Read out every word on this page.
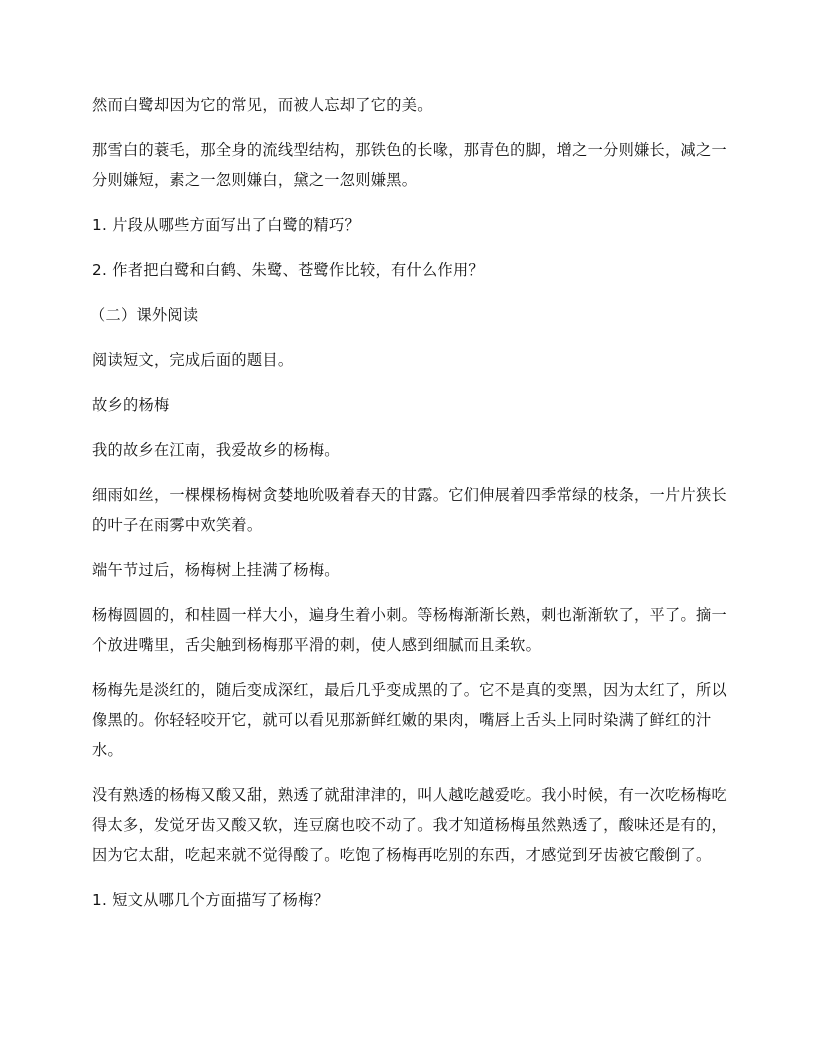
然而白鹭却因为它的常见，而被人忘却了它的美。

那雪白的蓑毛，那全身的流线型结构，那铁色的长喙，那青色的脚，增之一分则嫌长，减之一分则嫌短，素之一忽则嫌白，黛之一忽则嫌黑。

1. 片段从哪些方面写出了白鹭的精巧？

2. 作者把白鹭和白鹤、朱鹭、苍鹭作比较，有什么作用？

（二）课外阅读

阅读短文，完成后面的题目。

故乡的杨梅

我的故乡在江南，我爱故乡的杨梅。

细雨如丝，一棵棵杨梅树贪婪地吮吸着春天的甘露。它们伸展着四季常绿的枝条，一片片狭长的叶子在雨雾中欢笑着。

端午节过后，杨梅树上挂满了杨梅。

杨梅圆圆的，和桂圆一样大小，遍身生着小刺。等杨梅渐渐长熟，刺也渐渐软了，平了。摘一个放进嘴里，舌尖触到杨梅那平滑的刺，使人感到细腻而且柔软。

杨梅先是淡红的，随后变成深红，最后几乎变成黑的了。它不是真的变黑，因为太红了，所以像黑的。你轻轻咬开它，就可以看见那新鲜红嫩的果肉，嘴唇上舌头上同时染满了鲜红的汁水。

没有熟透的杨梅又酸又甜，熟透了就甜津津的，叫人越吃越爱吃。我小时候，有一次吃杨梅吃得太多，发觉牙齿又酸又软，连豆腐也咬不动了。我才知道杨梅虽然熟透了，酸味还是有的，因为它太甜，吃起来就不觉得酸了。吃饱了杨梅再吃别的东西，才感觉到牙齿被它酸倒了。

1. 短文从哪几个方面描写了杨梅？
